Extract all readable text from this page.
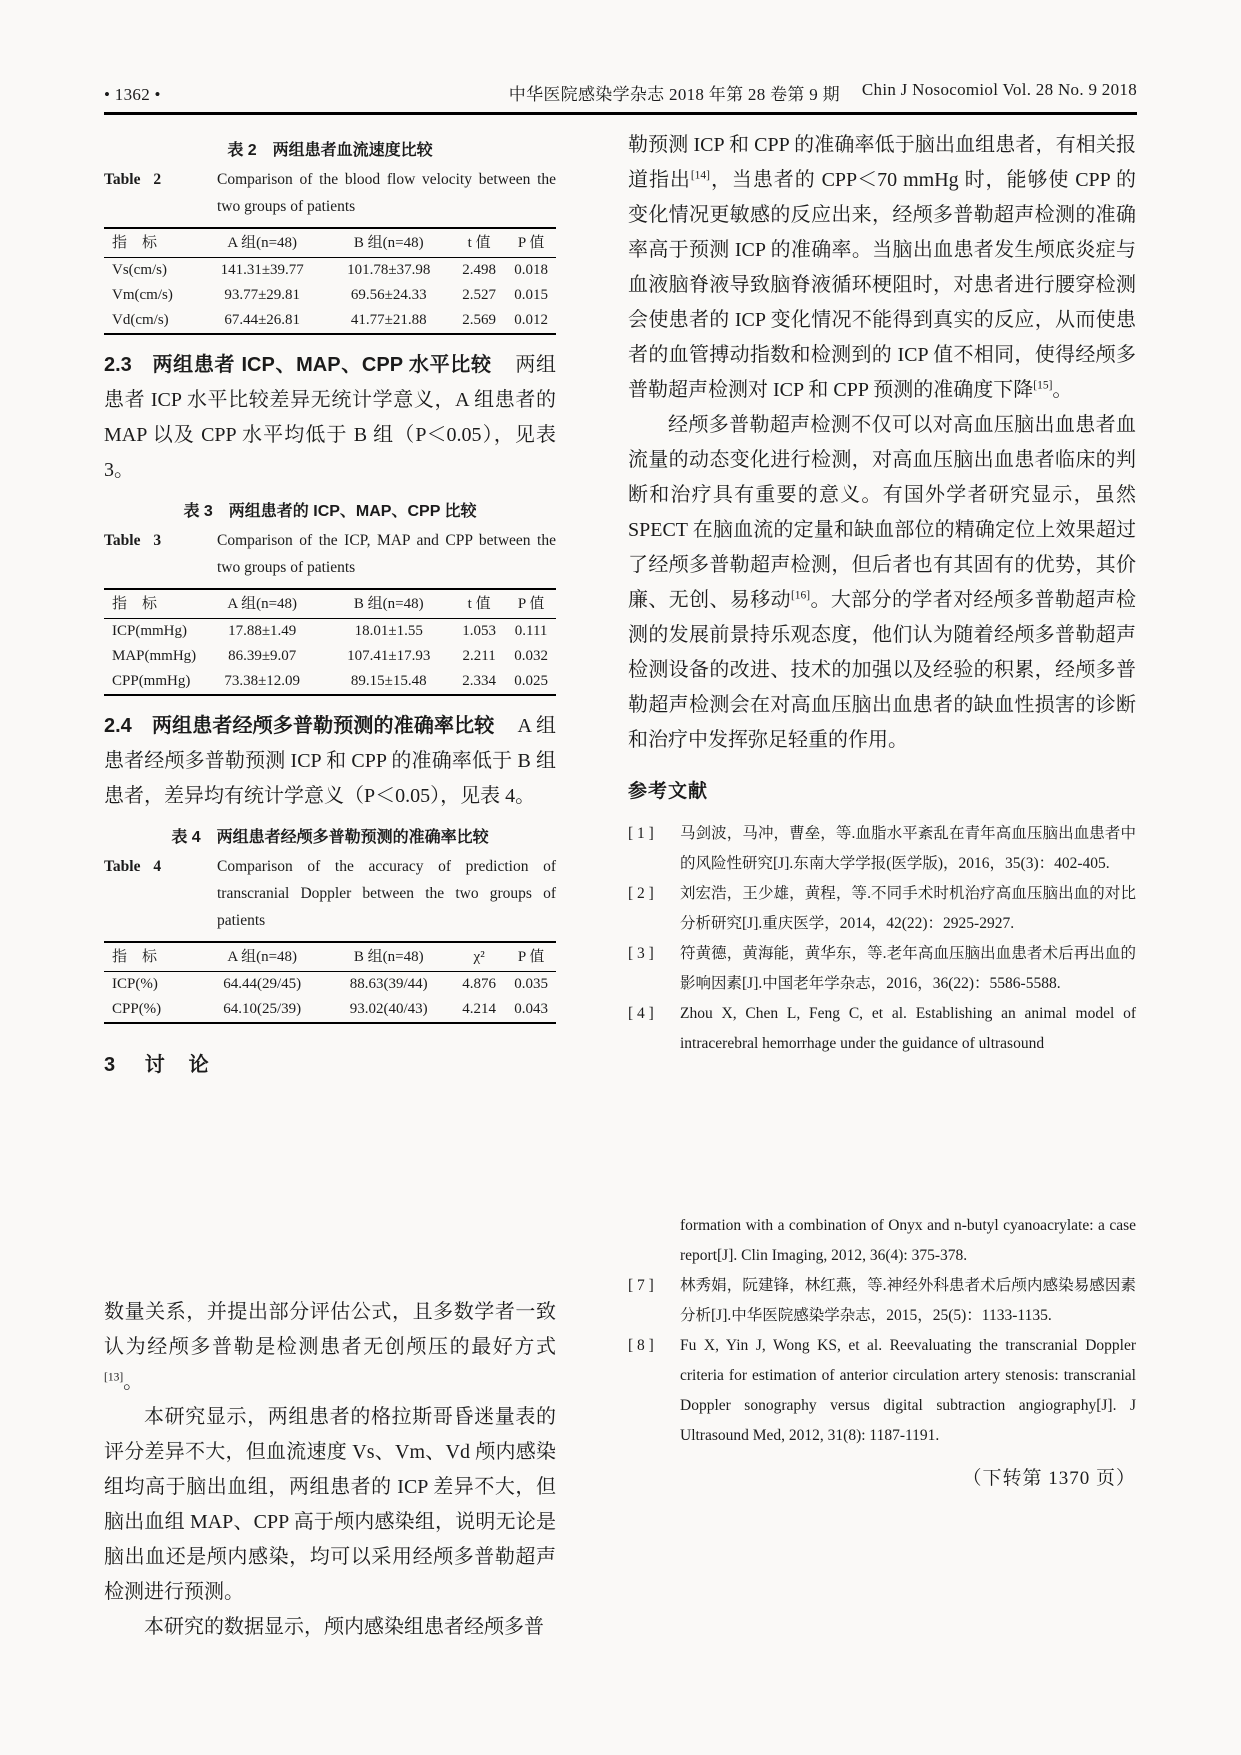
• 1362 •	中华医院感染学杂志 2018 年第 28 卷第 9 期 Chin J Nosocomiol Vol. 28 No. 9 2018
表 2　两组患者血流速度比较
Table 2	Comparison of the blood flow velocity between the two groups of patients
指　标	A 组(n=48)	B 组(n=48)	t 值	P 值
Vs(cm/s)	141.31±39.77	101.78±37.98	2.498	0.018
Vm(cm/s)	93.77±29.81	69.56±24.33	2.527	0.015
Vd(cm/s)	67.44±26.81	41.77±21.88	2.569	0.012

2.3 两组患者 ICP、MAP、CPP 水平比较 两组患者 ICP 水平比较差异无统计学意义，A 组患者的 MAP 以及 CPP 水平均低于 B 组（P＜0.05），见表 3。

表 3　两组患者的 ICP、MAP、CPP 比较
Table 3	Comparison of the ICP, MAP and CPP between the two groups of patients
指　标	A 组(n=48)	B 组(n=48)	t 值	P 值
ICP(mmHg)	17.88±1.49	18.01±1.55	1.053	0.111
MAP(mmHg)	86.39±9.07	107.41±17.93	2.211	0.032
CPP(mmHg)	73.38±12.09	89.15±15.48	2.334	0.025

2.4 两组患者经颅多普勒预测的准确率比较 A 组患者经颅多普勒预测 ICP 和 CPP 的准确率低于 B 组患者，差异均有统计学意义（P＜0.05），见表 4。

表 4　两组患者经颅多普勒预测的准确率比较
Table 4	Comparison of the accuracy of prediction of transcranial Doppler between the two groups of patients
指　标	A 组(n=48)	B 组(n=48)	χ²	P 值
ICP(%)	64.44(29/45)	88.63(39/44)	4.876	0.035
CPP(%)	64.10(25/39)	93.02(40/43)	4.214	0.043
3 讨　论

数量关系，并提出部分评估公式，且多数学者一致认为经颅多普勒是检测患者无创颅压的最好方式[13]。

本研究显示，两组患者的格拉斯哥昏迷量表的评分差异不大，但血流速度 Vs、Vm、Vd 颅内感染组均高于脑出血组，两组患者的 ICP 差异不大，但脑出血组 MAP、CPP 高于颅内感染组，说明无论是脑出血还是颅内感染，均可以采用经颅多普勒超声检测进行预测。

本研究的数据显示，颅内感染组患者经颅多普

勒预测 ICP 和 CPP 的准确率低于脑出血组患者，有相关报道指出[14]，当患者的 CPP＜70 mmHg 时，能够使 CPP 的变化情况更敏感的反应出来，经颅多普勒超声检测的准确率高于预测 ICP 的准确率。当脑出血患者发生颅底炎症与血液脑脊液导致脑脊液循环梗阻时，对患者进行腰穿检测会使患者的 ICP 变化情况不能得到真实的反应，从而使患者的血管搏动指数和检测到的 ICP 值不相同，使得经颅多普勒超声检测对 ICP 和 CPP 预测的准确度下降[15]。

经颅多普勒超声检测不仅可以对高血压脑出血患者血流量的动态变化进行检测，对高血压脑出血患者临床的判断和治疗具有重要的意义。有国外学者研究显示，虽然 SPECT 在脑血流的定量和缺血部位的精确定位上效果超过了经颅多普勒超声检测，但后者也有其固有的优势，其价廉、无创、易移动[16]。大部分的学者对经颅多普勒超声检测的发展前景持乐观态度，他们认为随着经颅多普勒超声检测设备的改进、技术的加强以及经验的积累，经颅多普勒超声检测会在对高血压脑出血患者的缺血性损害的诊断和治疗中发挥弥足轻重的作用。

参考文献
[ 1 ] 马剑波，马冲，曹垒，等.血脂水平紊乱在青年高血压脑出血患者中的风险性研究[J].东南大学学报(医学版)，2016，35(3)：402-405.
[ 2 ] 刘宏浩，王少雄，黄程，等.不同手术时机治疗高血压脑出血的对比分析研究[J].重庆医学，2014，42(22)：2925-2927.
[ 3 ] 符黄德，黄海能，黄华东，等.老年高血压脑出血患者术后再出血的影响因素[J].中国老年学杂志，2016，36(22)：5586-5588.
[ 4 ] Zhou X, Chen L, Feng C, et al. Establishing an animal model of intracerebral hemorrhage under the guidance of ultrasound
formation with a combination of Onyx and n-butyl cyanoacrylate: a case report[J]. Clin Imaging, 2012, 36(4): 375-378.
[ 7 ] 林秀娟，阮建锋，林红燕，等.神经外科患者术后颅内感染易感因素分析[J].中华医院感染学杂志，2015，25(5)：1133-1135.
[ 8 ] Fu X, Yin J, Wong KS, et al. Reevaluating the transcranial Doppler criteria for estimation of anterior circulation artery stenosis: transcranial Doppler sonography versus digital subtraction angiography[J]. J Ultrasound Med, 2012, 31(8): 1187-1191.
（下转第 1370 页）
